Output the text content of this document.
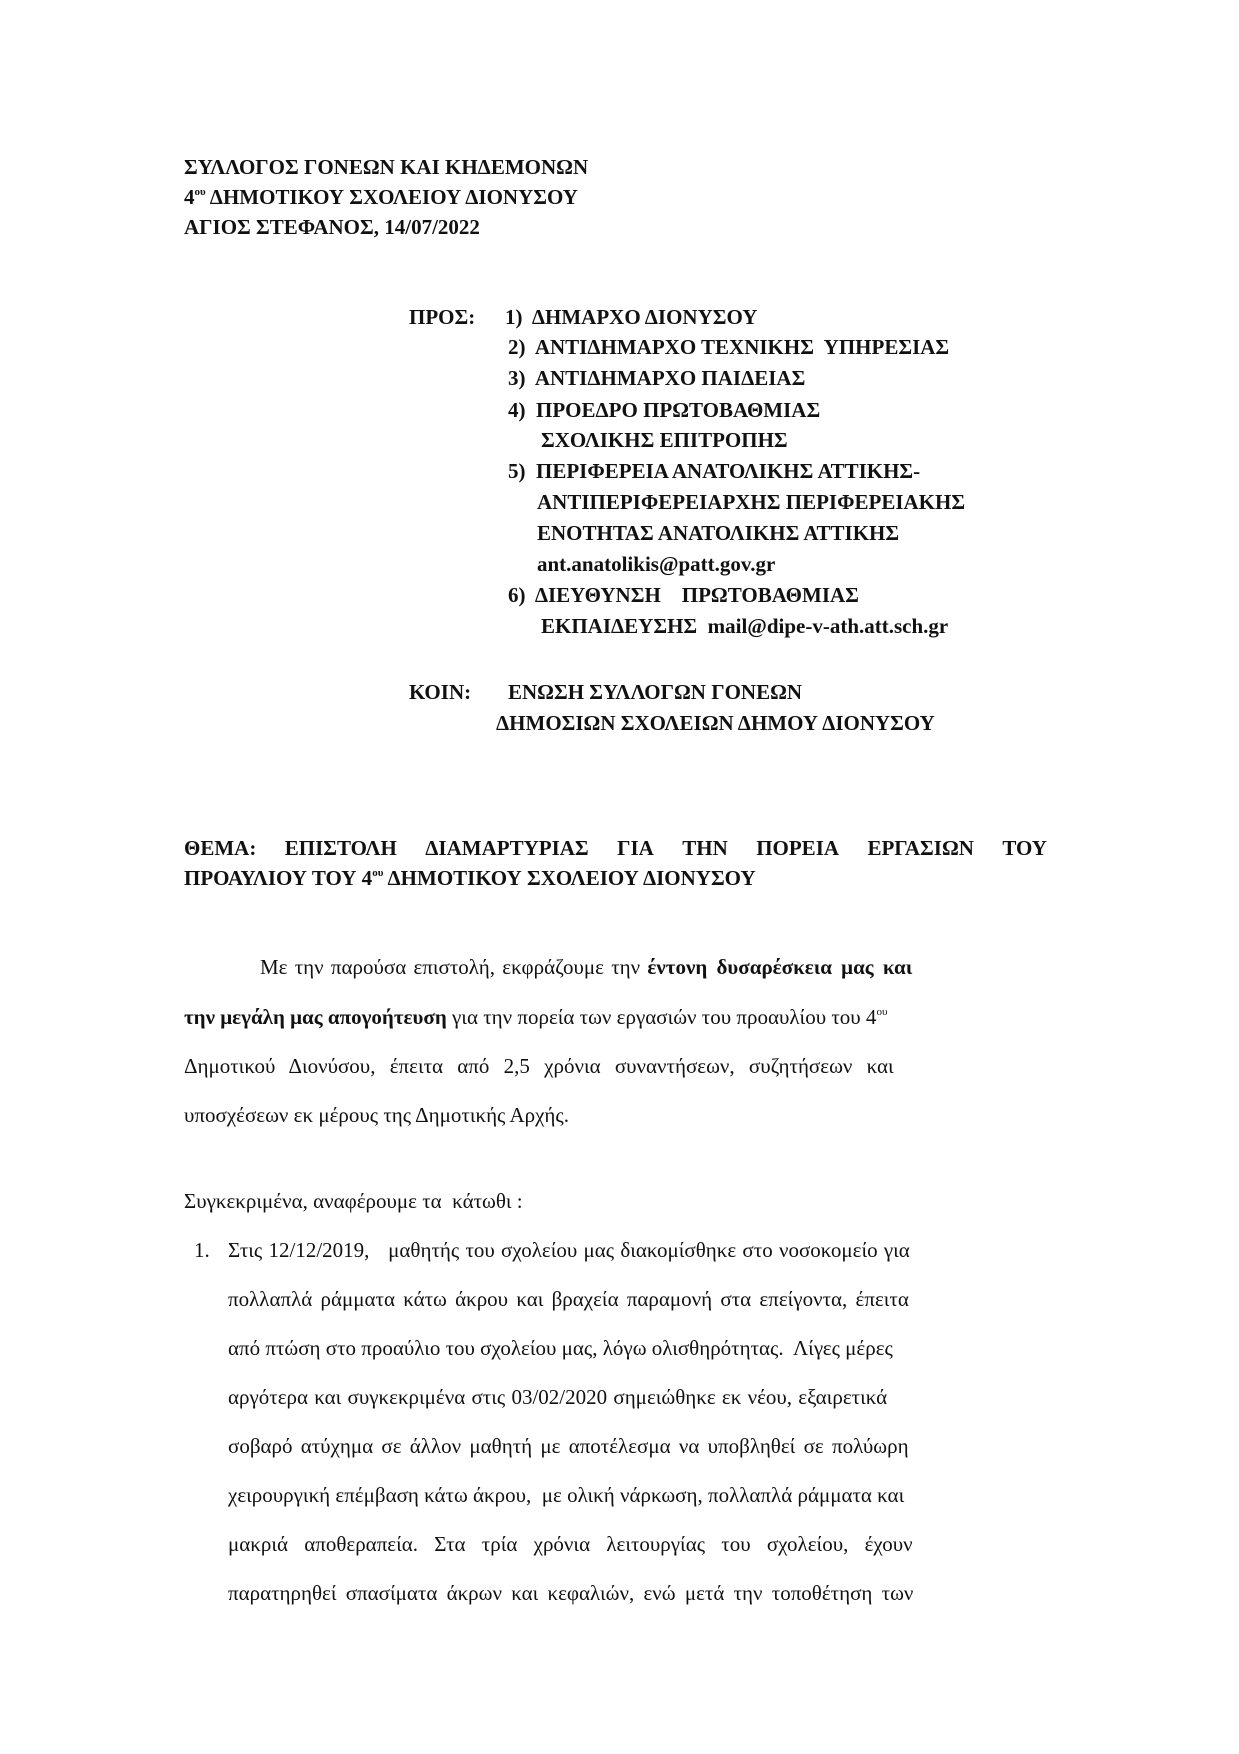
ΣΥΛΛΟΓΟΣ ΓΟΝΕΩΝ ΚΑΙ ΚΗΔΕΜΟΝΩΝ
$4^{o\upsilon}$ ΔΗΜΟΤΙΚΟΥ ΣΧΟΛΕΙΟΥ ΔΙΟΝΥΣΟΥ
ΑΓΙΟΣ ΣΤΕΦΑΝΟΣ, 14/07/2022
ΠΡΟΣ: 1)  ΔΗΜΑΡΧΟ ΔΙΟΝΥΣΟΥ
2)  ΑΝΤΙΔΗΜΑΡΧΟ ΤΕΧΝΙΚΗΣ  ΥΠΗΡΕΣΙΑΣ
3)  ΑΝΤΙΔΗΜΑΡΧΟ ΠΑΙΔΕΙΑΣ
4)  ΠΡΟΕΔΡΟ ΠΡΩΤΟΒΑΘΜΙΑΣ
ΣΧΟΛΙΚΗΣ ΕΠΙΤΡΟΠΗΣ
5)  ΠΕΡΙΦΕΡΕΙΑ ΑΝΑΤΟΛΙΚΗΣ ΑΤΤΙΚΗΣ-
ΑΝΤΙΠΕΡΙΦΕΡΕΙΑΡΧΗΣ ΠΕΡΙΦΕΡΕΙΑΚΗΣ
ΕΝΟΤΗΤΑΣ ΑΝΑΤΟΛΙΚΗΣ ΑΤΤΙΚΗΣ
ant.anatolikis@patt.gov.gr
6)  ΔΙΕΥΘΥΝΣΗ    ΠΡΩΤΟΒΑΘΜΙΑΣ
ΕΚΠΑΙΔΕΥΣΗΣ  mail@dipe-v-ath.att.sch.gr
ΚΟΙΝ: ΕΝΩΣΗ ΣΥΛΛΟΓΩΝ ΓΟΝΕΩΝ
ΔΗΜΟΣΙΩΝ ΣΧΟΛΕΙΩΝ ΔΗΜΟΥ ΔΙΟΝΥΣΟΥ
ΘΕΜΑ: ΕΠΙΣΤΟΛΗ ΔΙΑΜΑΡΤΥΡΙΑΣ ΓΙΑ ΤΗΝ ΠΟΡΕΙΑ ΕΡΓΑΣΙΩΝ ΤΟΥ
ΠΡΟΑΥΛΙΟΥ ΤΟΥ $4^{o\upsilon}$ ΔΗΜΟΤΙΚΟΥ ΣΧΟΛΕΙΟΥ ΔΙΟΝΥΣΟΥ
Με την παρούσα επιστολή, εκφράζουμε την έντονη δυσαρέσκεια μας και
την μεγάλη μας απογοήτευση για την πορεία των εργασιών του προαυλίου του $4^{o\upsilon}$
Δημοτικού Διονύσου, έπειτα από 2,5 χρόνια συναντήσεων, συζητήσεων και
υποσχέσεων εκ μέρους της Δημοτικής Αρχής.
Συγκεκριμένα, αναφέρουμε τα  κάτωθι :
1. Στις 12/12/2019,   μαθητής του σχολείου μας διακομίσθηκε στο νοσοκομείο για
πολλαπλά ράμματα κάτω άκρου και βραχεία παραμονή στα επείγοντα, έπειτα
από πτώση στο προαύλιο του σχολείου μας, λόγω ολισθηρότητας.  Λίγες μέρες
αργότερα και συγκεκριμένα στις 03/02/2020 σημειώθηκε εκ νέου, εξαιρετικά
σοβαρό ατύχημα σε άλλον μαθητή με αποτέλεσμα να υποβληθεί σε πολύωρη
χειρουργική επέμβαση κάτω άκρου,  με ολική νάρκωση, πολλαπλά ράμματα και
μακριά αποθεραπεία. Στα τρία χρόνια λειτουργίας του σχολείου, έχουν
παρατηρηθεί σπασίματα άκρων και κεφαλιών, ενώ μετά την τοποθέτηση των
